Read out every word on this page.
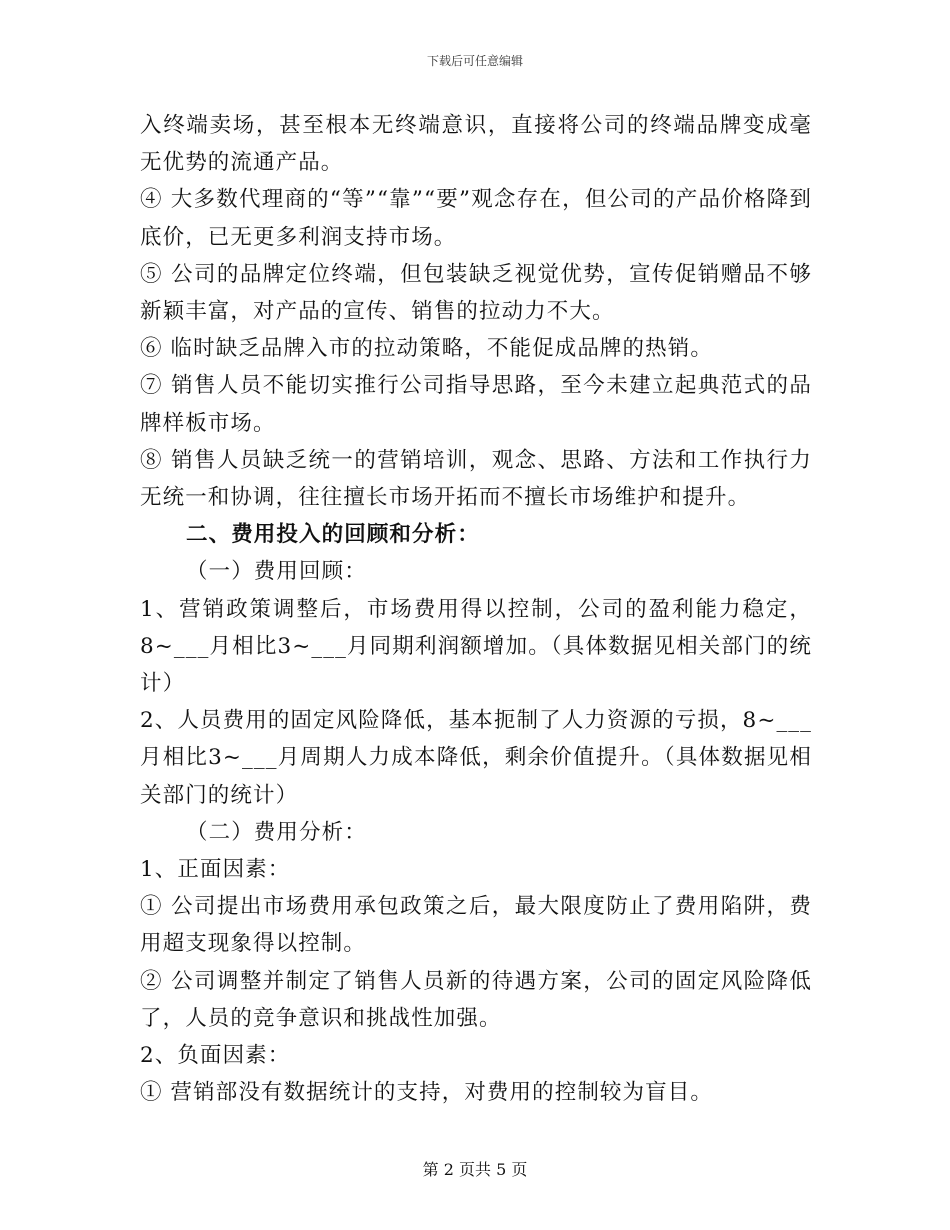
下载后可任意编辑

入终端卖场，甚至根本无终端意识，直接将公司的终端品牌变成毫无优势的流通产品。

④ 大多数代理商的“等”“靠”“要”观念存在，但公司的产品价格降到底价，已无更多利润支持市场。

⑤ 公司的品牌定位终端，但包装缺乏视觉优势，宣传促销赠品不够新颖丰富，对产品的宣传、销售的拉动力不大。

⑥ 临时缺乏品牌入市的拉动策略，不能促成品牌的热销。

⑦ 销售人员不能切实推行公司指导思路，至今未建立起典范式的品牌样板市场。

⑧ 销售人员缺乏统一的营销培训，观念、思路、方法和工作执行力无统一和协调，往往擅长市场开拓而不擅长市场维护和提升。

二、费用投入的回顾和分析：

（一）费用回顾：

1、营销政策调整后，市场费用得以控制，公司的盈利能力稳定，8~___月相比3~___月同期利润额增加。（具体数据见相关部门的统计）

2、人员费用的固定风险降低，基本扼制了人力资源的亏损，8~___月相比3~___月周期人力成本降低，剩余价值提升。（具体数据见相关部门的统计）

（二）费用分析：

1、正面因素：

① 公司提出市场费用承包政策之后，最大限度防止了费用陷阱，费用超支现象得以控制。

② 公司调整并制定了销售人员新的待遇方案，公司的固定风险降低了，人员的竞争意识和挑战性加强。

2、负面因素：

① 营销部没有数据统计的支持，对费用的控制较为盲目。

第 2 页共 5 页
